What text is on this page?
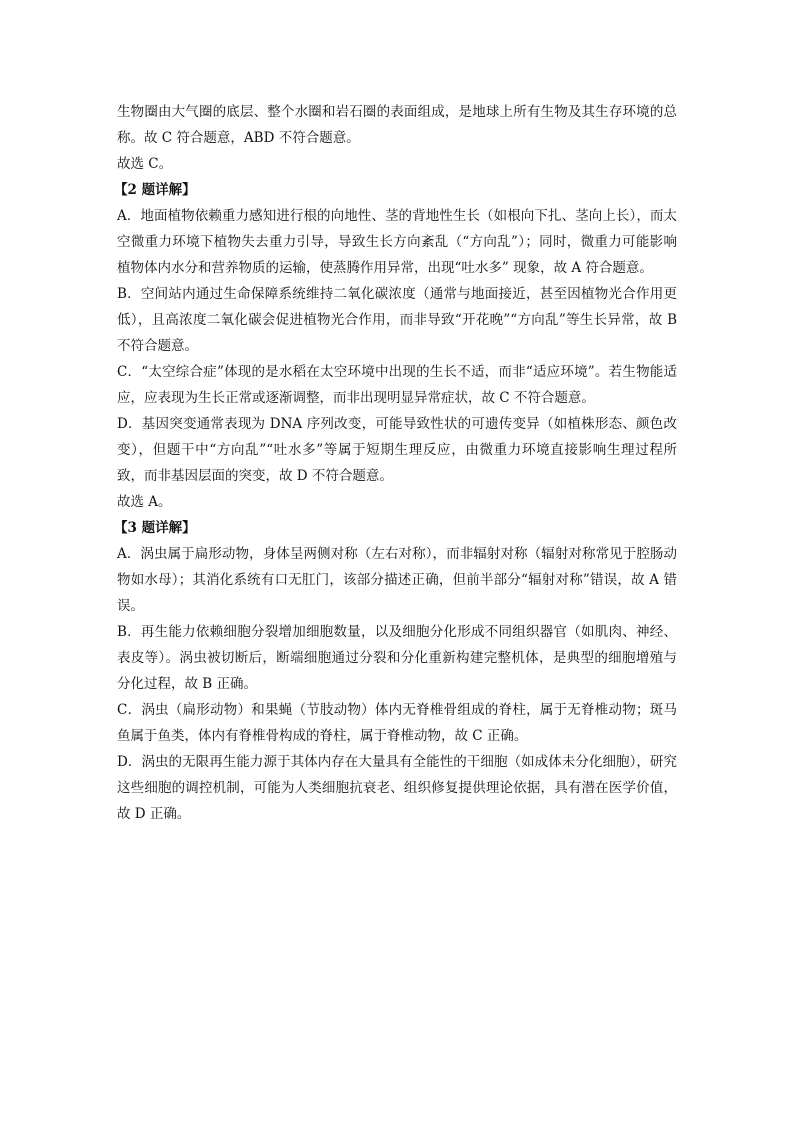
生物圈由大气圈的底层、整个水圈和岩石圈的表面组成，是地球上所有生物及其生存环境的总称。故 C 符合题意，ABD 不符合题意。

故选 C。

【2 题详解】

A．地面植物依赖重力感知进行根的向地性、茎的背地性生长（如根向下扎、茎向上长），而太空微重力环境下植物失去重力引导，导致生长方向紊乱（“方向乱”）；同时，微重力可能影响植物体内水分和营养物质的运输，使蒸腾作用异常，出现“吐水多” 现象，故 A 符合题意。

B．空间站内通过生命保障系统维持二氧化碳浓度（通常与地面接近，甚至因植物光合作用更低），且高浓度二氧化碳会促进植物光合作用，而非导致“开花晚”“方向乱”等生长异常，故 B 不符合题意。

C．“太空综合症”体现的是水稻在太空环境中出现的生长不适，而非“适应环境”。若生物能适应，应表现为生长正常或逐渐调整，而非出现明显异常症状，故 C 不符合题意。

D．基因突变通常表现为 DNA 序列改变，可能导致性状的可遗传变异（如植株形态、颜色改变），但题干中“方向乱”“吐水多”等属于短期生理反应，由微重力环境直接影响生理过程所致，而非基因层面的突变，故 D 不符合题意。

故选 A。

【3 题详解】

A．涡虫属于扁形动物，身体呈两侧对称（左右对称），而非辐射对称（辐射对称常见于腔肠动物如水母）；其消化系统有口无肛门，该部分描述正确，但前半部分“辐射对称”错误，故 A 错误。

B．再生能力依赖细胞分裂增加细胞数量，以及细胞分化形成不同组织器官（如肌肉、神经、表皮等）。涡虫被切断后，断端细胞通过分裂和分化重新构建完整机体，是典型的细胞增殖与分化过程，故 B 正确。

C．涡虫（扁形动物）和果蝇（节肢动物）体内无脊椎骨组成的脊柱，属于无脊椎动物；斑马鱼属于鱼类，体内有脊椎骨构成的脊柱，属于脊椎动物，故 C 正确。

D．涡虫的无限再生能力源于其体内存在大量具有全能性的干细胞（如成体未分化细胞），研究这些细胞的调控机制，可能为人类细胞抗衰老、组织修复提供理论依据，具有潜在医学价值，故 D 正确。
